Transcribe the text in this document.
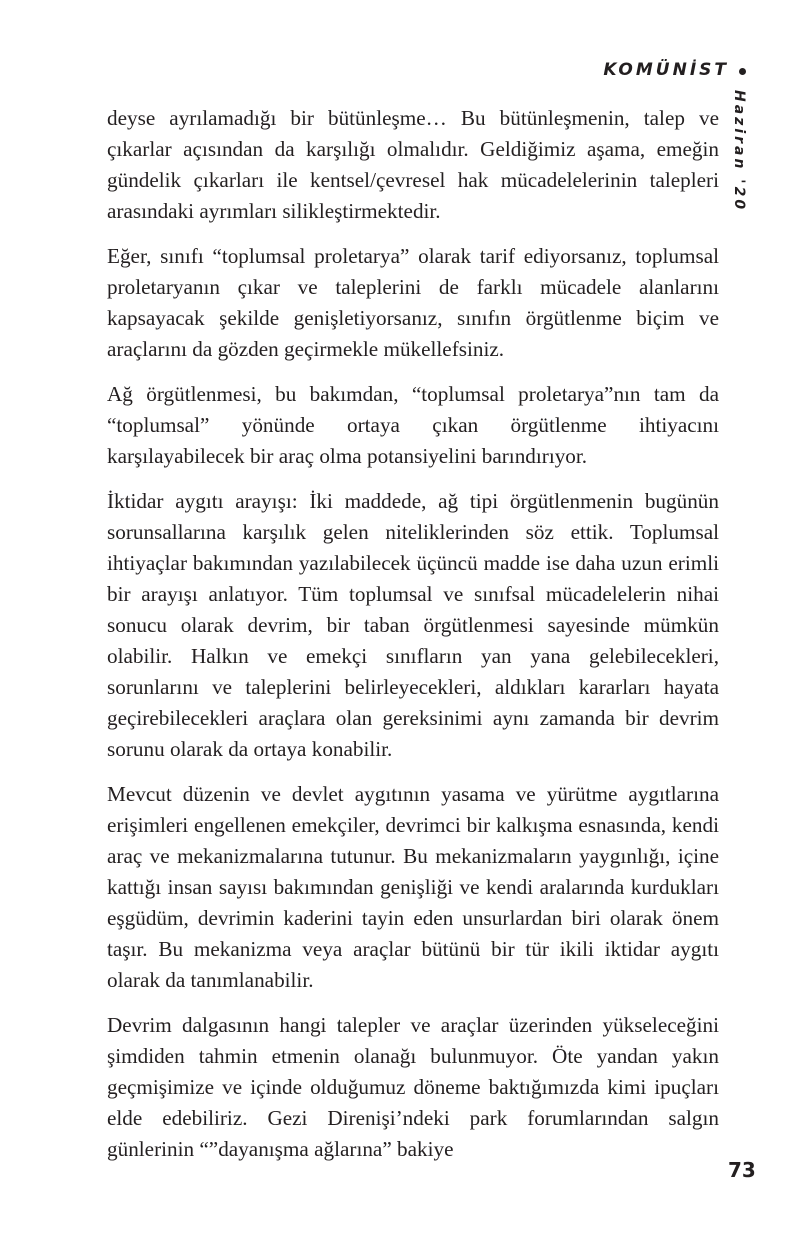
KOMÜNİST
Haziran '20

deyse ayrılamadığı bir bütünleşme… Bu bütünleşmenin, talep ve çıkarlar açısından da karşılığı olmalıdır. Geldiğimiz aşama, emeğin gündelik çıkarları ile kentsel/çevresel hak mücadelelerinin talepleri arasındaki ayrımları silikleştirmektedir.

Eğer, sınıfı “toplumsal proletarya” olarak tarif ediyorsanız, toplumsal proletaryanın çıkar ve taleplerini de farklı mücadele alanlarını kapsayacak şekilde genişletiyorsanız, sınıfın örgütlenme biçim ve araçlarını da gözden geçirmekle mükellefsiniz.

Ağ örgütlenmesi, bu bakımdan, “toplumsal proletarya”nın tam da “toplumsal” yönünde ortaya çıkan örgütlenme ihtiyacını karşılayabilecek bir araç olma potansiyelini barındırıyor.

İktidar aygıtı arayışı: İki maddede, ağ tipi örgütlenmenin bugünün sorunsallarına karşılık gelen niteliklerinden söz ettik. Toplumsal ihtiyaçlar bakımından yazılabilecek üçüncü madde ise daha uzun erimli bir arayışı anlatıyor. Tüm toplumsal ve sınıfsal mücadelelerin nihai sonucu olarak devrim, bir taban örgütlenmesi sayesinde mümkün olabilir. Halkın ve emekçi sınıfların yan yana gelebilecekleri, sorunlarını ve taleplerini belirleyecekleri, aldıkları kararları hayata geçirebilecekleri araçlara olan gereksinimi aynı zamanda bir devrim sorunu olarak da ortaya konabilir.

Mevcut düzenin ve devlet aygıtının yasama ve yürütme aygıtlarına erişimleri engellenen emekçiler, devrimci bir kalkışma esnasında, kendi araç ve mekanizmalarına tutunur. Bu mekanizmaların yaygınlığı, içine kattığı insan sayısı bakımından genişliği ve kendi aralarında kurdukları eşgüdüm, devrimin kaderini tayin eden unsurlardan biri olarak önem taşır. Bu mekanizma veya araçlar bütünü bir tür ikili iktidar aygıtı olarak da tanımlanabilir.

Devrim dalgasının hangi talepler ve araçlar üzerinden yükseleceğini şimdiden tahmin etmenin olanağı bulunmuyor. Öte yandan yakın geçmişimize ve içinde olduğumuz döneme baktığımızda kimi ipuçları elde edebiliriz. Gezi Direnişi’ndeki park forumlarından salgın günlerinin “”dayanışma ağlarına” bakiye

73
